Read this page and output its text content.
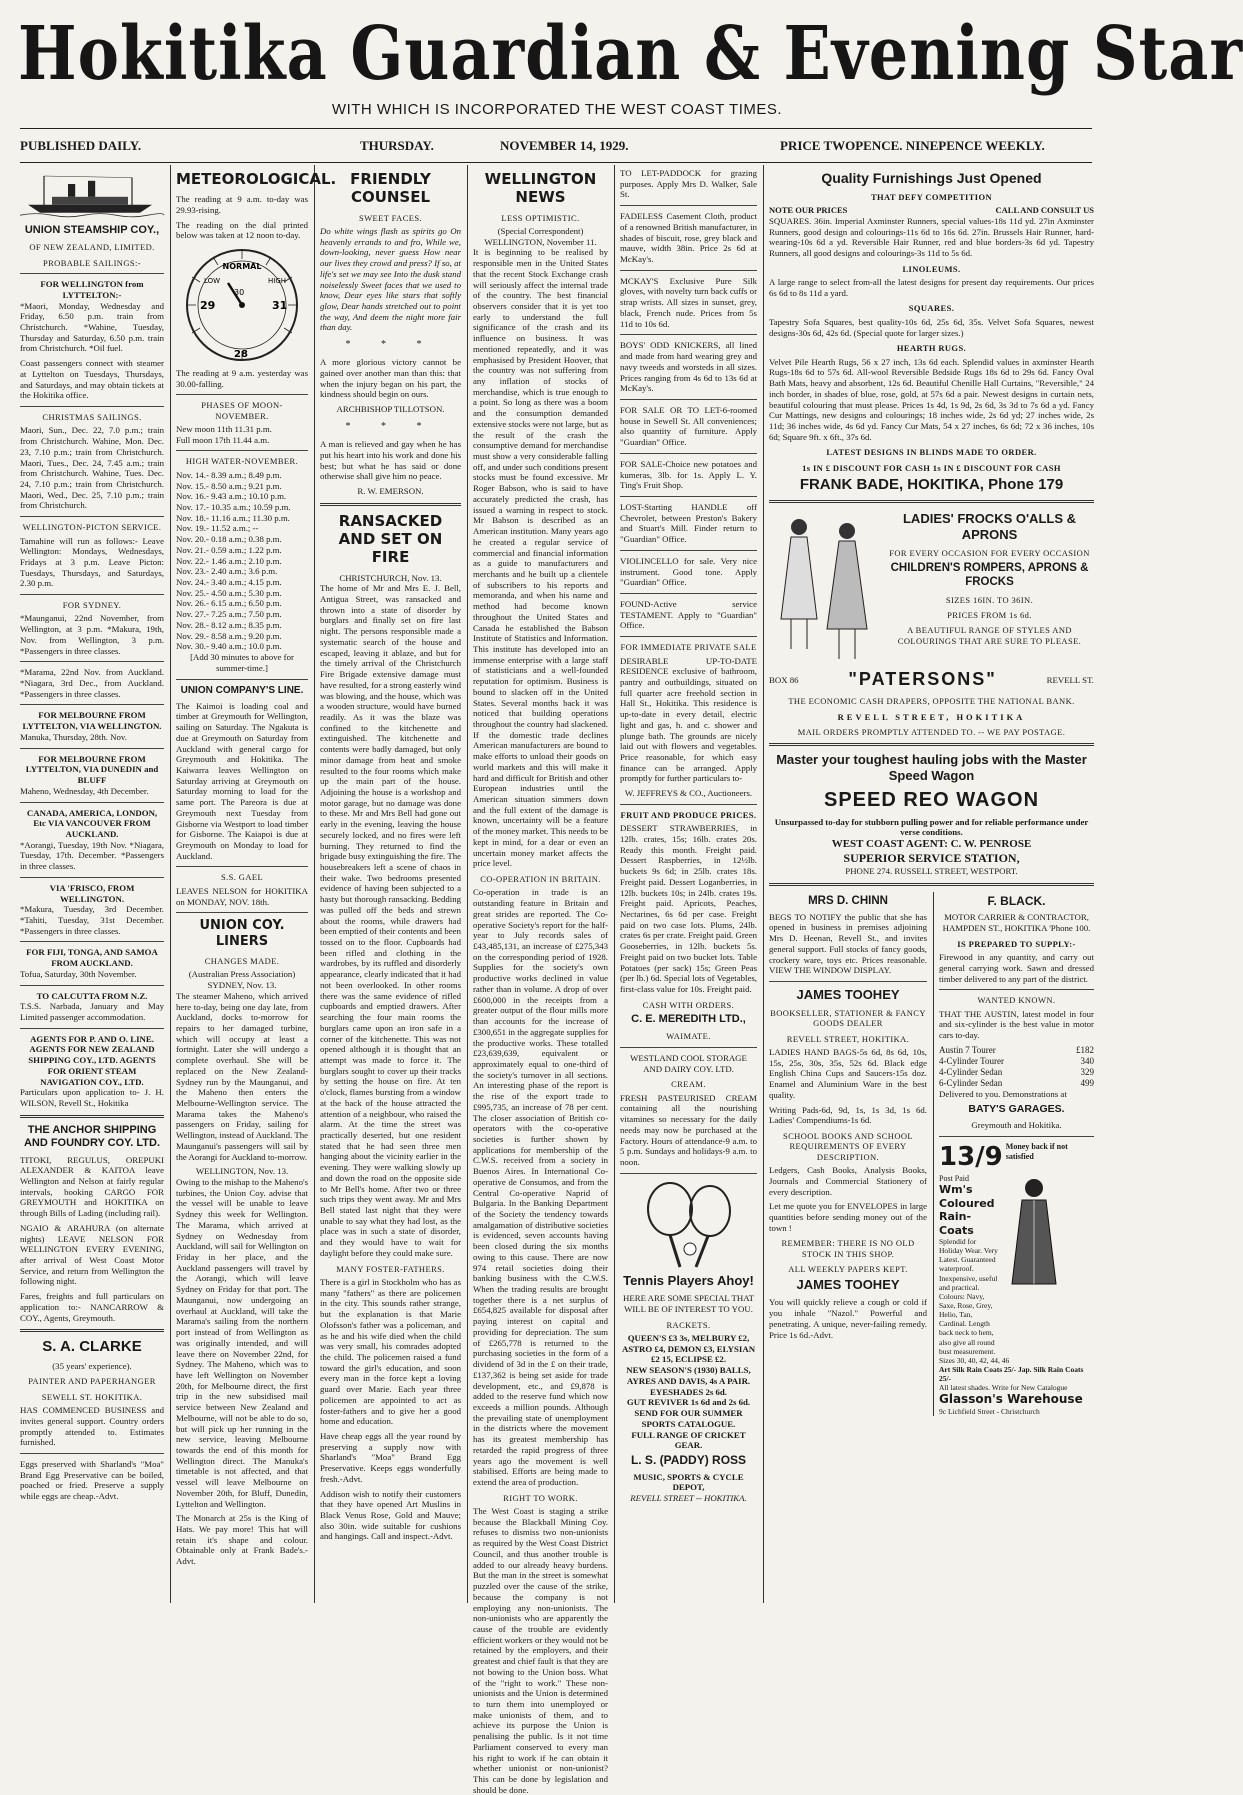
Hokitika Guardian & Evening Star
WITH WHICH IS INCORPORATED THE WEST COAST TIMES.
PUBLISHED DAILY.	THURSDAY.	NOVEMBER 14, 1929.	PRICE TWOPENCE. NINEPENCE WEEKLY.
UNION STEAMSHIP COY.,
OF NEW ZEALAND, LIMITED.
PROBABLE SAILINGS:-
FOR WELLINGTON from LYTTELTON:-
*Maori, Monday, Wednesday and Friday, 6.50 p.m. train from Christchurch. *Wahine, Tuesday, Thursday and Saturday, 6.50 p.m. train from Christchurch. *Oil fuel.
Coast passengers connect with steamer at Lyttelton on Tuesdays, Thursdays, and Saturdays, and may obtain tickets at the Hokitika office.
CHRISTMAS SAILINGS.
Maori, Sun., Dec. 22, 7.0 p.m.; train from Christchurch. Wahine, Mon. Dec. 23, 7.10 p.m.; train from Christchurch. Maori, Tues., Dec. 24, 7.45 a.m.; train from Christchurch. Wahine, Tues. Dec. 24, 7.10 p.m.; train from Christchurch. Maori, Wed., Dec. 25, 7.10 p.m.; train from Christchurch.
WELLINGTON-PICTON SERVICE.
Tamahine will run as follows:- Leave Wellington: Mondays, Wednesdays, Fridays at 3 p.m. Leave Picton: Tuesdays, Thursdays, and Saturdays, 2.30 p.m.
FOR SYDNEY.
*Maunganui, 22nd November, from Wellington, at 3 p.m. *Makura, 19th, Nov. from Wellington, 3 p.m. *Passengers in three classes.
*Marama, 22nd Nov. from Auckland. *Niagara, 3rd Dec., from Auckland. *Passengers in three classes.
FOR MELBOURNE FROM LYTTELTON, VIA WELLINGTON.
Manuka, Thursday, 28th. Nov.
FOR MELBOURNE FROM LYTTELTON, VIA DUNEDIN and BLUFF
Maheno, Wednesday, 4th December.
CANADA, AMERICA, LONDON, Etc VIA VANCOUVER FROM AUCKLAND.
*Aorangi, Tuesday, 19th Nov. *Niagara, Tuesday, 17th. December. *Passengers in three classes.
VIA 'FRISCO, FROM WELLINGTON.
*Makura, Tuesday, 3rd December. *Tahiti, Tuesday, 31st December. *Passengers in three classes.
FOR FIJI, TONGA, AND SAMOA FROM AUCKLAND.
Tofua, Saturday, 30th November.
TO CALCUTTA FROM N.Z.
T.S.S. Narbada, January and May Limited passenger accommodation.
AGENTS FOR P. AND O. LINE. AGENTS FOR NEW ZEALAND SHIPPING COY., LTD. AGENTS FOR ORIENT STEAM NAVIGATION COY., LTD.
Particulars upon application to- J. H. WILSON, Revell St., Hokitika
THE ANCHOR SHIPPING AND FOUNDRY COY. LTD.
TITOKI, REGULUS, OREPUKI ALEXANDER & KAITOA leave Wellington and Nelson at fairly regular intervals, booking CARGO FOR GREYMOUTH and HOKITIKA on through Bills of Lading (including rail).
NGAIO & ARAHURA (on alternate nights) LEAVE NELSON FOR WELLINGTON EVERY EVENING, after arrival of West Coast Motor Service, and return from Wellington the following night.
Fares, freights and full particulars on application to:- NANCARROW & COY., Agents, Greymouth.
S. A. CLARKE
(35 years' experience).
PAINTER AND PAPERHANGER
SEWELL ST. HOKITIKA.
HAS COMMENCED BUSINESS and invites general support. Country orders promptly attended to. Estimates furnished.
Eggs preserved with Sharland's "Moa" Brand Egg Preservative can be boiled, poached or fried. Preserve a supply while eggs are cheap.-Advt.
METEOROLOGICAL.
The reading at 9 a.m. to-day was 29.93-rising.
The reading on the dial printed below was taken at 12 noon to-day.
NORMAL
LOW	HIGH
29
30
31
28
The reading at 9 a.m. yesterday was 30.00-falling.
PHASES OF MOON-NOVEMBER.
New moon 11th 11.31 p.m.
Full moon 17th 11.44 a.m.
HIGH WATER-NOVEMBER.
Nov. 14.- 8.39 a.m.; 8.49 p.m.
Nov. 15.- 8.50 a.m.; 9.21 p.m.
Nov. 16.- 9.43 a.m.; 10.10 p.m.
Nov. 17.- 10.35 a.m.; 10.59 p.m.
Nov. 18.- 11.16 a.m.; 11.30 p.m.
Nov. 19.- 11.52 a.m.; --
Nov. 20.- 0.18 a.m.; 0.38 p.m.
Nov. 21.- 0.59 a.m.; 1.22 p.m.
Nov. 22.- 1.46 a.m.; 2.10 p.m.
Nov. 23.- 2.40 a.m.; 3.6 p.m.
Nov. 24.- 3.40 a.m.; 4.15 p.m.
Nov. 25.- 4.50 a.m.; 5.30 p.m.
Nov. 26.- 6.15 a.m.; 6.50 p.m.
Nov. 27.- 7.25 a.m.; 7.50 p.m.
Nov. 28.- 8.12 a.m.; 8.35 p.m.
Nov. 29.- 8.58 a.m.; 9.20 p.m.
Nov. 30.- 9.40 a.m.; 10.0 p.m.
[Add 30 minutes to above for summer-time.]
UNION COMPANY'S LINE.
The Kaimoi is loading coal and timber at Greymouth for Wellington, sailing on Saturday. The Ngakuta is due at Greymouth on Saturday from Auckland with general cargo for Greymouth and Hokitika. The Kaiwarra leaves Wellington on Saturday arriving at Greymouth on Saturday morning to load for the same port. The Pareora is due at Greymouth next Tuesday from Gisborne via Westport to load timber for Gisborne. The Kaiapoi is due at Greymouth on Monday to load for Auckland.
S.S. GAEL
LEAVES NELSON for HOKITIKA on MONDAY, NOV. 18th.
UNION COY. LINERS
CHANGES MADE.
(Australian Press Association)
SYDNEY, Nov. 13.
The steamer Maheno, which arrived here to-day, being one day late, from Auckland, docks to-morrow for repairs to her damaged turbine, which will occupy at least a fortnight. Later she will undergo a complete overhaul. She will be replaced on the New Zealand-Sydney run by the Maunganui, and the Maheno then enters the Melbourne-Wellington service. The Marama takes the Maheno's passengers on Friday, sailing for Wellington, instead of Auckland. The Maunganui's passengers will sail by the Aorangi for Auckland to-morrow.
WELLINGTON, Nov. 13.
Owing to the mishap to the Maheno's turbines, the Union Coy. advise that the vessel will be unable to leave Sydney this week for Wellington. The Marama, which arrived at Sydney on Wednesday from Auckland, will sail for Wellington on Friday in her place, and the Auckland passengers will travel by the Aorangi, which will leave Sydney on Friday for that port. The Maunganui, now undergoing an overhaul at Auckland, will take the Marama's sailing from the northern port instead of from Wellington as was originally intended, and will leave there on November 22nd, for Sydney. The Maheno, which was to have left Wellington on November 20th, for Melbourne direct, the first trip in the new subsidised mail service between New Zealand and Melbourne, will not be able to do so, but will pick up her running in the new service, leaving Melbourne towards the end of this month for Wellington direct. The Manuka's timetable is not affected, and that vessel will leave Melbourne on November 20th, for Bluff, Dunedin, Lyttelton and Wellington.
The Monarch at 25s is the King of Hats. We pay more! This hat will retain it's shape and colour. Obtainable only at Frank Bade's.-Advt.
FRIENDLY COUNSEL
SWEET FACES.
Do white wings flash as spirits go On heavenly errands to and fro, While we, down-looking, never guess How near our lives they crowd and press? If so, at life's set we may see Into the dusk stand noiselessly Sweet faces that we used to know, Dear eyes like stars that softly glow, Dear hands stretched out to point the way, And deem the night more fair than day.
* * *
A more glorious victory cannot be gained over another man than this: that when the injury began on his part, the kindness should begin on ours.
ARCHBISHOP TILLOTSON.
* * *
A man is relieved and gay when he has put his heart into his work and done his best; but what he has said or done otherwise shall give him no peace.
R. W. EMERSON.
RANSACKED AND SET ON FIRE
CHRISTCHURCH, Nov. 13.
The home of Mr and Mrs E. J. Bell, Antigua Street, was ransacked and thrown into a state of disorder by burglars and finally set on fire last night. The persons responsible made a systematic search of the house and escaped, leaving it ablaze, and but for the timely arrival of the Christchurch Fire Brigade extensive damage must have resulted, for a strong easterly wind was blowing, and the house, which was a wooden structure, would have burned readily. As it was the blaze was confined to the kitchenette and extinguished. The kitchenette and contents were badly damaged, but only minor damage from heat and smoke resulted to the four rooms which make up the main part of the house. Adjoining the house is a workshop and motor garage, but no damage was done to these. Mr and Mrs Bell had gone out early in the evening, leaving the house securely locked, and no fires were left burning. They returned to find the brigade busy extinguishing the fire. The housebreakers left a scene of chaos in their wake. Two bedrooms presented evidence of having been subjected to a hasty but thorough ransacking. Bedding was pulled off the beds and strewn about the rooms, while drawers had been emptied of their contents and been tossed on to the floor. Cupboards had been rifled and clothing in the wardrobes, by its ruffled and disorderly appearance, clearly indicated that it had not been overlooked. In other rooms there was the same evidence of rifled cupboards and emptied drawers. After searching the four main rooms the burglars came upon an iron safe in a corner of the kitchenette. This was not opened although it is thought that an attempt was made to force it. The burglars sought to cover up their tracks by setting the house on fire. At ten o'clock, flames bursting from a window at the back of the house attracted the attention of a neighbour, who raised the alarm. At the time the street was practically deserted, but one resident stated that he had seen three men hanging about the vicinity earlier in the evening. They were walking slowly up and down the road on the opposite side to Mr Bell's home. After two or three such trips they went away. Mr and Mrs Bell stated last night that they were unable to say what they had lost, as the place was in such a state of disorder, and they would have to wait for daylight before they could make sure.
MANY FOSTER-FATHERS.
There is a girl in Stockholm who has as many "fathers" as there are policemen in the city. This sounds rather strange, but the explanation is that Marie Olofsson's father was a policeman, and as he and his wife died when the child was very small, his comrades adopted the child. The policemen raised a fund toward the girl's education, and soon every man in the force kept a loving guard over Marie. Each year three policemen are appointed to act as foster-fathers and to give her a good home and education.
Have cheap eggs all the year round by preserving a supply now with Sharland's "Moa" Brand Egg Preservative. Keeps eggs wonderfully fresh.-Advt.
Addison wish to notify their customers that they have opened Art Muslins in Black Venus Rose, Gold and Mauve; also 30in. wide suitable for cushions and hangings. Call and inspect.-Advt.
WELLINGTON NEWS
LESS OPTIMISTIC.
(Special Correspondent)
WELLINGTON, November 11.
It is beginning to be realised by responsible men in the United States that the recent Stock Exchange crash will seriously affect the internal trade of the country. The best financial observers consider that it is yet too early to understand the full significance of the crash and its influence on business. It was mentioned repeatedly, and it was emphasised by President Hoover, that the country was not suffering from any inflation of stocks of merchandise, which is true enough to a point. So long as there was a boom and the consumption demanded extensive stocks were not large, but as the result of the crash the consumptive demand for merchandise must show a very considerable falling off, and under such conditions present stocks must be found excessive. Mr Roger Babson, who is said to have accurately predicted the crash, has issued a warning in respect to stock. Mr Babson is described as an American institution. Many years ago he created a regular service of commercial and financial information as a guide to manufacturers and merchants and he built up a clientele of subscribers to his reports and memoranda, and when his name and method had become known throughout the United States and Canada he established the Babson Institute of Statistics and Information. This institute has developed into an immense enterprise with a large staff of statisticians and a well-founded reputation for optimism. Business is bound to slacken off in the United States. Several months back it was noticed that building operations throughout the country had slackened. If the domestic trade declines American manufacturers are bound to make efforts to unload their goods on world markets and this will make it hard and difficult for British and other European industries until the American situation simmers down and the full extent of the damage is known, uncertainty will be a feature of the money market. This needs to be kept in mind, for a dear or even an uncertain money market affects the price level.
CO-OPERATION IN BRITAIN.
Co-operation in trade is an outstanding feature in Britain and great strides are reported. The Co-operative Society's report for the half-year to July records sales of £43,485,131, an increase of £275,343 on the corresponding period of 1928. Supplies for the society's own productive works declined in value rather than in volume. A drop of over £600,000 in the receipts from a greater output of the flour mills more than accounts for the increase of £300,651 in the aggregate supplies for the productive works. These totalled £23,639,639, equivalent or approximately equal to one-third of the society's turnover in all sections. An interesting phase of the report is the rise of the export trade to £995,735, an increase of 78 per cent. The closer association of British co-operators with the co-operative societies is further shown by applications for membership of the C.W.S. received from a society in Buenos Aires. In International Co-operative de Consumos, and from the Central Co-operative Naprid of Bulgaria. In the Banking Department of the Society the tendency towards amalgamation of distributive societies is evidenced, seven accounts having been closed during the six months owing to this cause. There are now 974 retail societies doing their banking business with the C.W.S. When the trading results are brought together there is a net surplus of £654,825 available for disposal after paying interest on capital and providing for depreciation. The sum of £265,778 is returned to the purchasing societies in the form of a dividend of 3d in the £ on their trade, £137,362 is being set aside for trade development, etc., and £9,878 is added to the reserve fund which now exceeds a million pounds. Although the prevailing state of unemployment in the districts where the movement has its greatest membership has retarded the rapid progress of three years ago the movement is well stabilised. Efforts are being made to extend the area of production.
RIGHT TO WORK.
The West Coast is staging a strike because the Blackball Mining Coy. refuses to dismiss two non-unionists as required by the West Coast District Council, and thus another trouble is added to our already heavy burdens. But the man in the street is somewhat puzzled over the cause of the strike, because the company is not employing any non-unionists. The non-unionists who are apparently the cause of the trouble are evidently efficient workers or they would not be retained by the employers, and their greatest and chief fault is that they are not bowing to the Union boss. What of the "right to work." These non-unionists and the Union is determined to turn them into unemployed or make unionists of them, and to achieve its purpose the Union is penalising the public. Is it not time Parliament conserved to every man his right to work if he can obtain it whether unionist or non-unionist? This can be done by legislation and should be done.
TO LET-PADDOCK for grazing purposes. Apply Mrs D. Walker, Sale St.
FADELESS Casement Cloth, product of a renowned British manufacturer, in shades of biscuit, rose, grey black and mauve, width 38in. Price 2s 6d at McKay's.
MCKAY'S Exclusive Pure Silk gloves, with novelty turn back cuffs or strap wrists. All sizes in sunset, grey, black, French nude. Prices from 5s 11d to 10s 6d.
BOYS' ODD KNICKERS, all lined and made from hard wearing grey and navy tweeds and worsteds in all sizes. Prices ranging from 4s 6d to 13s 6d at McKay's.
FOR SALE OR TO LET-6-roomed house in Sewell St. All conveniences; also quantity of furniture. Apply "Guardian" Office.
FOR SALE-Choice new potatoes and kumeras, 3lb. for 1s. Apply L. Y. Ting's Fruit Shop.
LOST-Starting HANDLE off Chevrolet, between Preston's Bakery and Stuart's Mill. Finder return to "Guardian" Office.
VIOLINCELLO for sale. Very nice instrument. Good tone. Apply "Guardian" Office.
FOUND-Active service TESTAMENT. Apply to "Guardian" Office.
FOR IMMEDIATE PRIVATE SALE
DESIRABLE UP-TO-DATE RESIDENCE exclusive of bathroom, pantry and outbuildings, situated on full quarter acre freehold section in Hall St., Hokitika. This residence is up-to-date in every detail, electric light and gas, h. and c. shower and plunge bath. The grounds are nicely laid out with flowers and vegetables. Price reasonable, for which easy finance can be arranged. Apply promptly for further particulars to-
W. JEFFREYS & CO., Auctioneers.
FRUIT AND PRODUCE PRICES.
DESSERT STRAWBERRIES, in 12lb. crates, 15s; 16lb. crates 20s. Ready this month. Freight paid. Dessert Raspberries, in 12½lb. buckets 9s 6d; in 25lb. crates 18s. Freight paid. Dessert Loganberries, in 12lb. buckets 10s; in 24lb. crates 19s. Freight paid. Apricots, Peaches, Nectarines, 6s 6d per case. Freight paid on two case lots. Plums, 24lb. crates 6s per crate. Freight paid. Green Gooseberries, in 12lb. buckets 5s. Freight paid on two bucket lots. Table Potatoes (per sack) 15s; Green Peas (per lb.) 6d. Special lots of Vegetables, first-class value for 10s. Freight paid.
CASH WITH ORDERS.
C. E. MEREDITH LTD.,
WAIMATE.
WESTLAND COOL STORAGE AND DAIRY COY. LTD.
CREAM.
FRESH PASTEURISED CREAM containing all the nourishing vitamines so necessary for the daily needs may now be purchased at the Factory. Hours of attendance-9 a.m. to 5 p.m. Sundays and holidays-9 a.m. to noon.
Tennis Players Ahoy!
HERE ARE SOME SPECIAL THAT WILL BE OF INTEREST TO YOU.
RACKETS.
QUEEN'S £3 3s, MELBURY £2, ASTRO £4, DEMON £3, ELYSIAN £2 15, ECLIPSE £2.
NEW SEASON'S (1930) BALLS, AYRES AND DAVIS, 4s A PAIR.
EYESHADES 2s 6d.
GUT REVIVER 1s 6d and 2s 6d.
SEND FOR OUR SUMMER SPORTS CATALOGUE.
FULL RANGE OF CRICKET GEAR.
L. S. (PADDY) ROSS
MUSIC, SPORTS & CYCLE DEPOT,
REVELL STREET -- HOKITIKA.
Quality Furnishings Just Opened
THAT DEFY COMPETITION
NOTE OUR PRICES	CALL AND CONSULT US
SQUARES. 36in. Imperial Axminster Runners, special values-18s 11d yd. 27in Axminster Runners, good design and colourings-11s 6d to 16s 6d. 27in. Brussels Hair Runner, hard-wearing-10s 6d a yd. Reversible Hair Runner, red and blue borders-3s 6d yd. Tapestry Runners, all good designs and colourings-3s 11d to 5s 6d.
LINOLEUMS.
A large range to select from-all the latest designs for present day requirements. Our prices 6s 6d to 8s 11d a yard.
SQUARES.
Tapestry Sofa Squares, best quality-10s 6d, 25s 6d, 35s. Velvet Sofa Squares, newest designs-30s 6d, 42s 6d. (Special quote for larger sizes.)
HEARTH RUGS.
Velvet Pile Hearth Rugs, 56 x 27 inch, 13s 6d each. Splendid values in axminster Hearth Rugs-18s 6d to 57s 6d. All-wool Reversible Bedside Rugs 18s 6d to 29s 6d. Fancy Oval Bath Mats, heavy and absorbent, 12s 6d. Beautiful Chenille Hall Curtains, "Reversible," 24 inch border, in shades of blue, rose, gold, at 57s 6d a pair. Newest designs in curtain nets, beautiful colouring that must please. Prices 1s 4d, 1s 9d, 2s 6d, 3s 3d to 7s 6d a yd. Fancy Cur Mattings, new designs and colourings; 18 inches wide, 2s 6d yd; 27 inches wide, 2s 11d; 36 inches wide, 4s 6d yd. Fancy Cur Mats, 54 x 27 inches, 6s 6d; 72 x 36 inches, 10s 6d; Square 9ft. x 6ft., 37s 6d.
LATEST DESIGNS IN BLINDS MADE TO ORDER.
1s IN £ DISCOUNT FOR CASH 1s IN £ DISCOUNT FOR CASH
FRANK BADE, HOKITIKA, Phone 179
LADIES' FROCKS O'ALLS & APRONS
FOR EVERY OCCASION FOR EVERY OCCASION
CHILDREN'S ROMPERS, APRONS & FROCKS
SIZES 16IN. TO 36IN.
PRICES FROM 1s 6d.
A BEAUTIFUL RANGE OF STYLES AND COLOURINGS THAT ARE SURE TO PLEASE.
BOX 86	"PATERSONS"	REVELL ST.
THE ECONOMIC CASH DRAPERS, OPPOSITE THE NATIONAL BANK.
REVELL STREET, HOKITIKA
MAIL ORDERS PROMPTLY ATTENDED TO. -- WE PAY POSTAGE.
Master your toughest hauling jobs with the Master Speed Wagon
SPEED REO WAGON
Unsurpassed to-day for stubborn pulling power and for reliable performance under verse conditions.
WEST COAST AGENT: C. W. PENROSE
SUPERIOR SERVICE STATION,
PHONE 274. RUSSELL STREET, WESTPORT.
MRS D. CHINN
BEGS TO NOTIFY the public that she has opened in business in premises adjoining Mrs D. Heenan, Revell St., and invites general support. Full stocks of fancy goods, crockery ware, toys etc. Prices reasonable. VIEW THE WINDOW DISPLAY.
JAMES TOOHEY
BOOKSELLER, STATIONER & FANCY GOODS DEALER
REVELL STREET, HOKITIKA.
LADIES HAND BAGS-5s 6d, 8s 6d, 10s, 15s, 25s, 30s, 35s, 52s 6d. Black edge English China Cups and Saucers-15s doz. Enamel and Aluminium Ware in the best quality.
Writing Pads-6d, 9d, 1s, 1s 3d, 1s 6d. Ladies' Compendiums-1s 6d.
SCHOOL BOOKS AND SCHOOL REQUIREMENTS OF EVERY DESCRIPTION.
Ledgers, Cash Books, Analysis Books, Journals and Commercial Stationery of every description.
Let me quote you for ENVELOPES in large quantities before sending money out of the town !
REMEMBER: THERE IS NO OLD STOCK IN THIS SHOP.
ALL WEEKLY PAPERS KEPT.
JAMES TOOHEY
You will quickly relieve a cough or cold if you inhale "Nazol." Powerful and penetrating. A unique, never-failing remedy. Price 1s 6d.-Advt.
F. BLACK.
MOTOR CARRIER & CONTRACTOR, HAMPDEN ST., HOKITIKA 'Phone 100.
IS PREPARED TO SUPPLY:-
Firewood in any quantity, and carry out general carrying work. Sawn and dressed timber delivered to any part of the district.
WANTED KNOWN.
THAT THE AUSTIN, latest model in four and six-cylinder is the best value in motor cars to-day.
Austin 7 Tourer	£182
4-Cylinder Tourer	340
4-Cylinder Sedan	329
6-Cylinder Sedan	499
Delivered to you. Demonstrations at
BATY'S GARAGES.
Greymouth and Hokitika.
13/9 Money back if not satisfied
Post Paid
Wm's Coloured Rain-Coats
Splendid for Holiday Wear. Very Latest. Guaranteed waterproof. Inexpensive, useful and practical. Colours: Navy, Saxe, Rose, Grey, Helio, Tan, Cardinal. Length back neck to hem, also give all round bust measurement.
Sizes 30, 40, 42, 44, 46
Art Silk Rain Coats 25/- Jap. Silk Rain Coats 25/-
All latest shades. Write for New Catalogue
Glasson's Warehouse
9c Lichfield Street - Christchurch
